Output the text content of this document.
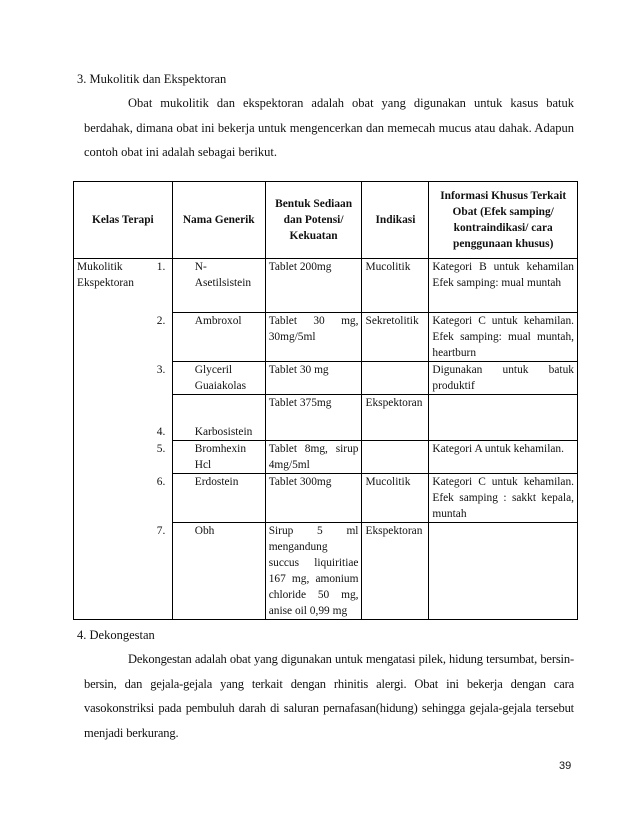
3. Mukolitik dan Ekspektoran
Obat mukolitik dan ekspektoran adalah obat yang digunakan untuk kasus batuk berdahak, dimana obat ini bekerja untuk mengencerkan dan memecah mucus atau dahak. Adapun contoh obat ini adalah sebagai berikut.
Kelas Terapi	Nama Generik	Bentuk Sediaan dan Potensi/ Kekuatan	Indikasi	Informasi Khusus Terkait Obat (Efek samping/ kontraindikasi/ cara penggunaan khusus)
Mukolitik Ekspektoran	1. N-Asetilsistein	Tablet 200mg	Mucolitik	Kategori B untuk kehamilan Efek samping: mual muntah

	2. Ambroxol	Tablet 30 mg, 30mg/5ml	Sekretolitik	Kategori C untuk kehamilan. Efek samping: mual muntah, heartburn

	3. Glyceril Guaiakolas	Tablet 30 mg		Digunakan untuk batuk produktif

	4. Karbosistein	Tablet 375mg	Ekspektoran	

	5. Bromhexin Hcl	Tablet 8mg, sirup 4mg/5ml		Kategori A untuk kehamilan.

	6. Erdostein	Tablet 300mg	Mucolitik	Kategori C untuk kehamilan. Efek samping : sakkt kepala, muntah

	7. Obh	Sirup 5 ml mengandung succus liquiritiae 167 mg, amonium chloride 50 mg, anise oil 0,99 mg	Ekspektoran	
4. Dekongestan
Dekongestan adalah obat yang digunakan untuk mengatasi pilek, hidung tersumbat, bersin-bersin, dan gejala-gejala yang terkait dengan rhinitis alergi. Obat ini bekerja dengan cara vasokonstriksi pada pembuluh darah di saluran pernafasan(hidung) sehingga gejala-gejala tersebut menjadi berkurang.
39
